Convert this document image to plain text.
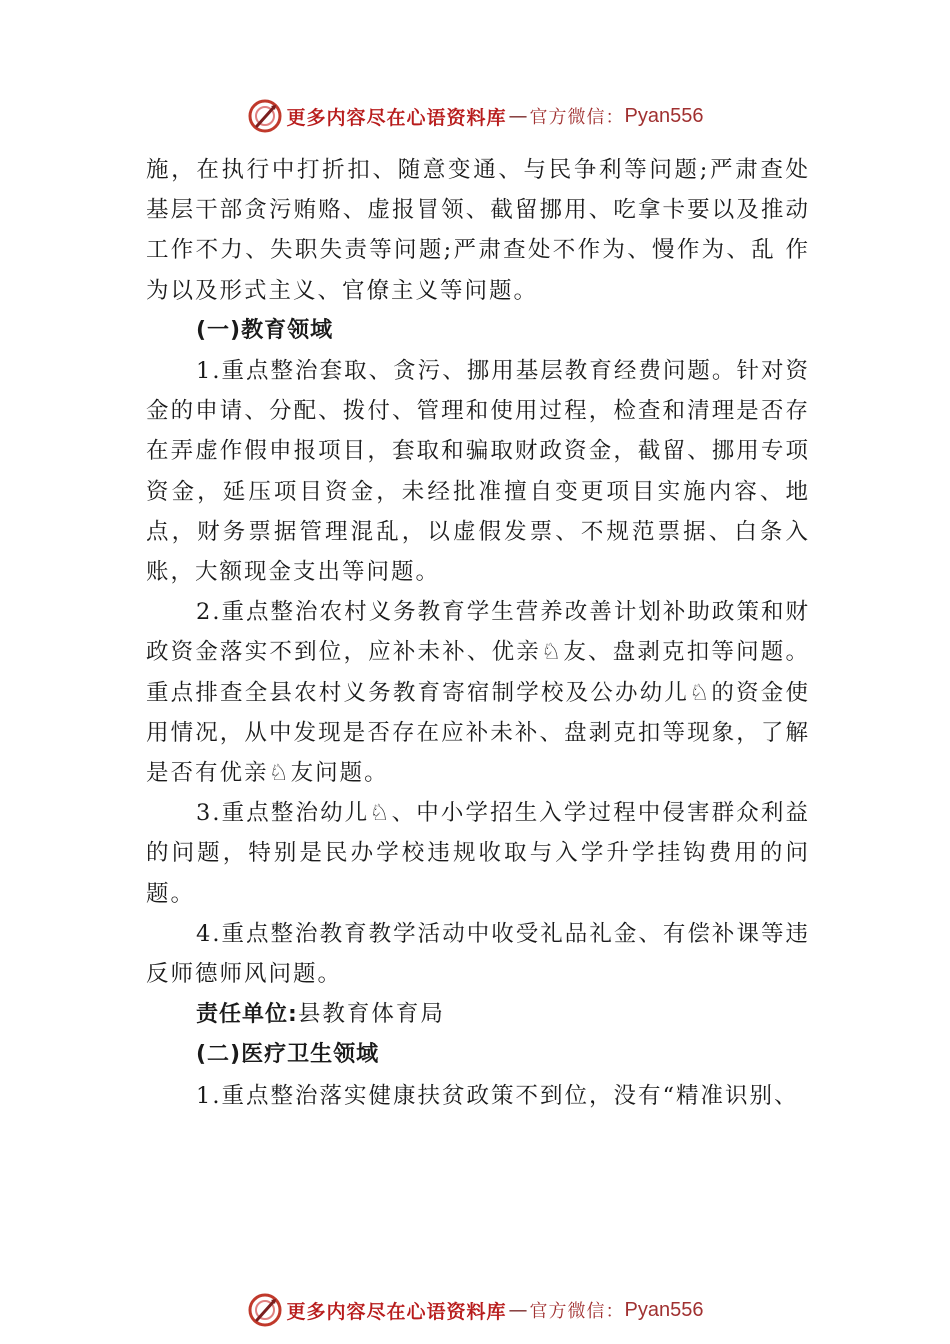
更多内容尽在心语资料库 — 官方微信： Pyan556

施，在执行中打折扣、随意变通、与民争利等问题;严肃查处基层干部贪污贿赂、虚报冒领、截留挪用、吃拿卡要以及推动工作不力、失职失责等问题;严肃查处不作为、慢作为、乱 作为以及形式主义、官僚主义等问题。

(一)教育领域

1.重点整治套取、贪污、挪用基层教育经费问题。针对资金的申请、分配、拨付、管理和使用过程，检查和清理是否存在弄虚作假申报项目，套取和骗取财政资金，截留、挪用专项资金，延压项目资金，未经批准擅自变更项目实施内容、地点，财务票据管理混乱，以虚假发票、不规范票据、白条入账，大额现金支出等问题。

2.重点整治农村义务教育学生营养改善计划补助政策和财政资金落实不到位，应补未补、优亲♘友、盘剥克扣等问题。重点排查全县农村义务教育寄宿制学校及公办幼儿♘的资金使用情况，从中发现是否存在应补未补、盘剥克扣等现象，了解是否有优亲♘友问题。

3.重点整治幼儿♘、中小学招生入学过程中侵害群众利益的问题，特别是民办学校违规收取与入学升学挂钩费用的问题。

4.重点整治教育教学活动中收受礼品礼金、有偿补课等违反师德师风问题。

责任单位:县教育体育局

(二)医疗卫生领域

1.重点整治落实健康扶贫政策不到位，没有“精准识别、

更多内容尽在心语资料库 — 官方微信： Pyan556
